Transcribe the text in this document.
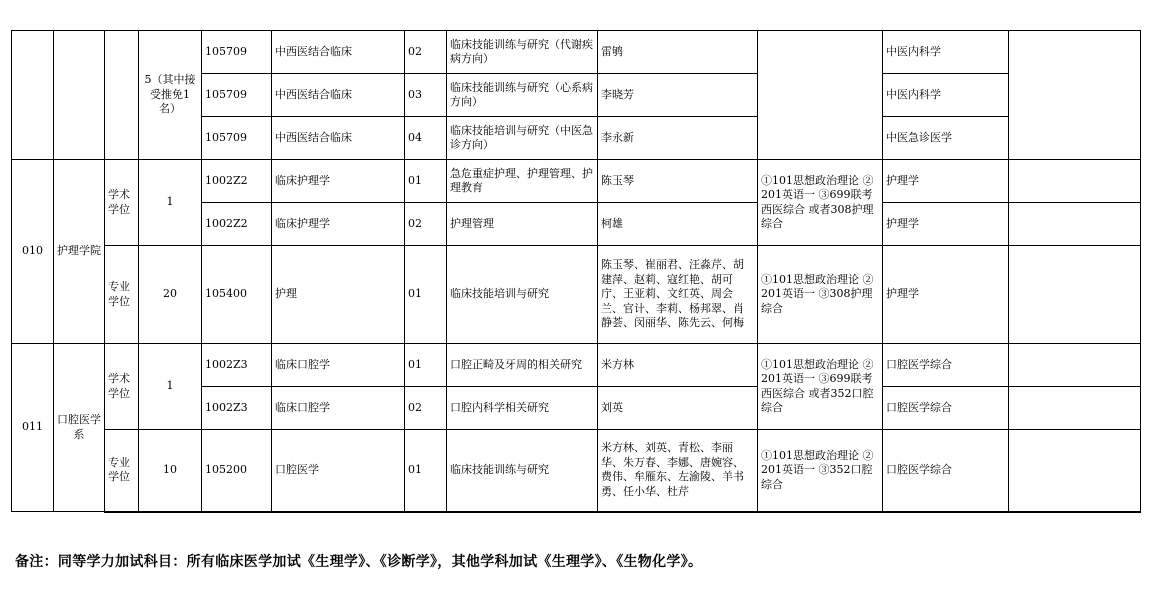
			5（其中接受推免1名）	105709	中西医结合临床	02	临床技能训练与研究（代谢疾病方向）	雷鸲		中医内科学	
				105709	中西医结合临床	03	临床技能训练与研究（心系病方向）	李晓芳		中医内科学	
				105709	中西医结合临床	04	临床技能培训与研究（中医急诊方向）	李永新		中医急诊医学	
010	护理学院	学术学位	1	1002Z2	临床护理学	01	急危重症护理、护理管理、护理教育	陈玉琴	①101思想政治理论 ②201英语一 ③699联考西医综合 或者308护理综合	护理学	
				1002Z2	临床护理学	02	护理管理	柯雄		护理学	
		专业学位	20	105400	护理	01	临床技能培训与研究	陈玉琴、崔丽君、汪淼芹、胡建萍、赵莉、寇红艳、胡可庁、王亚莉、文红英、周会兰、官计、李莉、杨邦翠、肖静荟、闵丽华、陈先云、何梅	①101思想政治理论 ②201英语一 ③308护理综合	护理学	
011	口腔医学系	学术学位	1	1002Z3	临床口腔学	01	口腔正畸及牙周的相关研究	米方林	①101思想政治理论 ②201英语一 ③699联考西医综合 或者352口腔综合	口腔医学综合	
				1002Z3	临床口腔学	02	口腔内科学相关研究	刘英		口腔医学综合	
		专业学位	10	105200	口腔医学	01	临床技能训练与研究	米方林、刘英、青松、李丽华、朱万春、李娜、唐婉容、费伟、牟雁东、左渝陵、羊书勇、任小华、杜芹	①101思想政治理论 ②201英语一 ③352口腔综合	口腔医学综合	
备注：同等学力加试科目：所有临床医学加试《生理学》、《诊断学》，其他学科加试《生理学》、《生物化学》。
